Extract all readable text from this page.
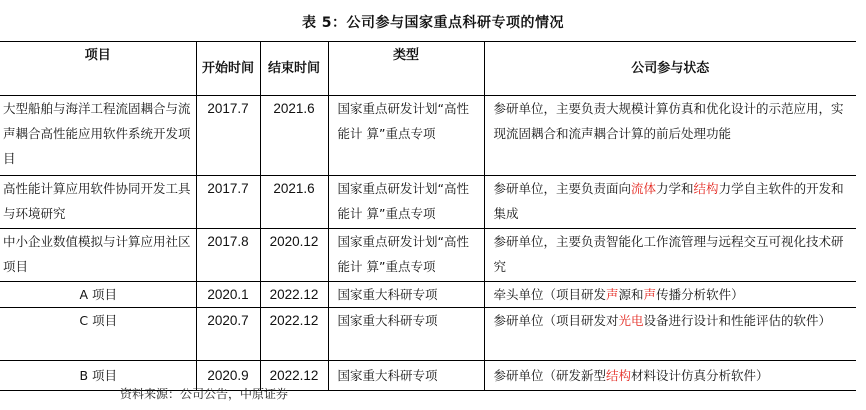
表 5：公司参与国家重点科研专项的情况
项目	开始时间	结束时间	类型	公司参与状态
大型船舶与海洋工程流固耦合与流声耦合高性能应用软件系统开发项目	2017.7	2021.6	国家重点研发计划“高性能计 算”重点专项	参研单位，主要负责大规模计算仿真和优化设计的示范应用，实现流固耦合和流声耦合计算的前后处理功能
高性能计算应用软件协同开发工具与环境研究	2017.7	2021.6	国家重点研发计划“高性能计 算”重点专项	参研单位，主要负责面向流体力学和结构力学自主软件的开发和集成
中小企业数值模拟与计算应用社区项目	2017.8	2020.12	国家重点研发计划“高性能计 算”重点专项	参研单位，主要负责智能化工作流管理与远程交互可视化技术研究
A 项目	2020.1	2022.12	国家重大科研专项	牵头单位（项目研发声源和声传播分析软件）
C 项目	2020.7	2022.12	国家重大科研专项	参研单位（项目研发对光电设备进行设计和性能评估的软件）
B 项目	2020.9	2022.12	国家重大科研专项	参研单位（研发新型结构材料设计仿真分析软件）
资料来源：公司公告，中原证券
